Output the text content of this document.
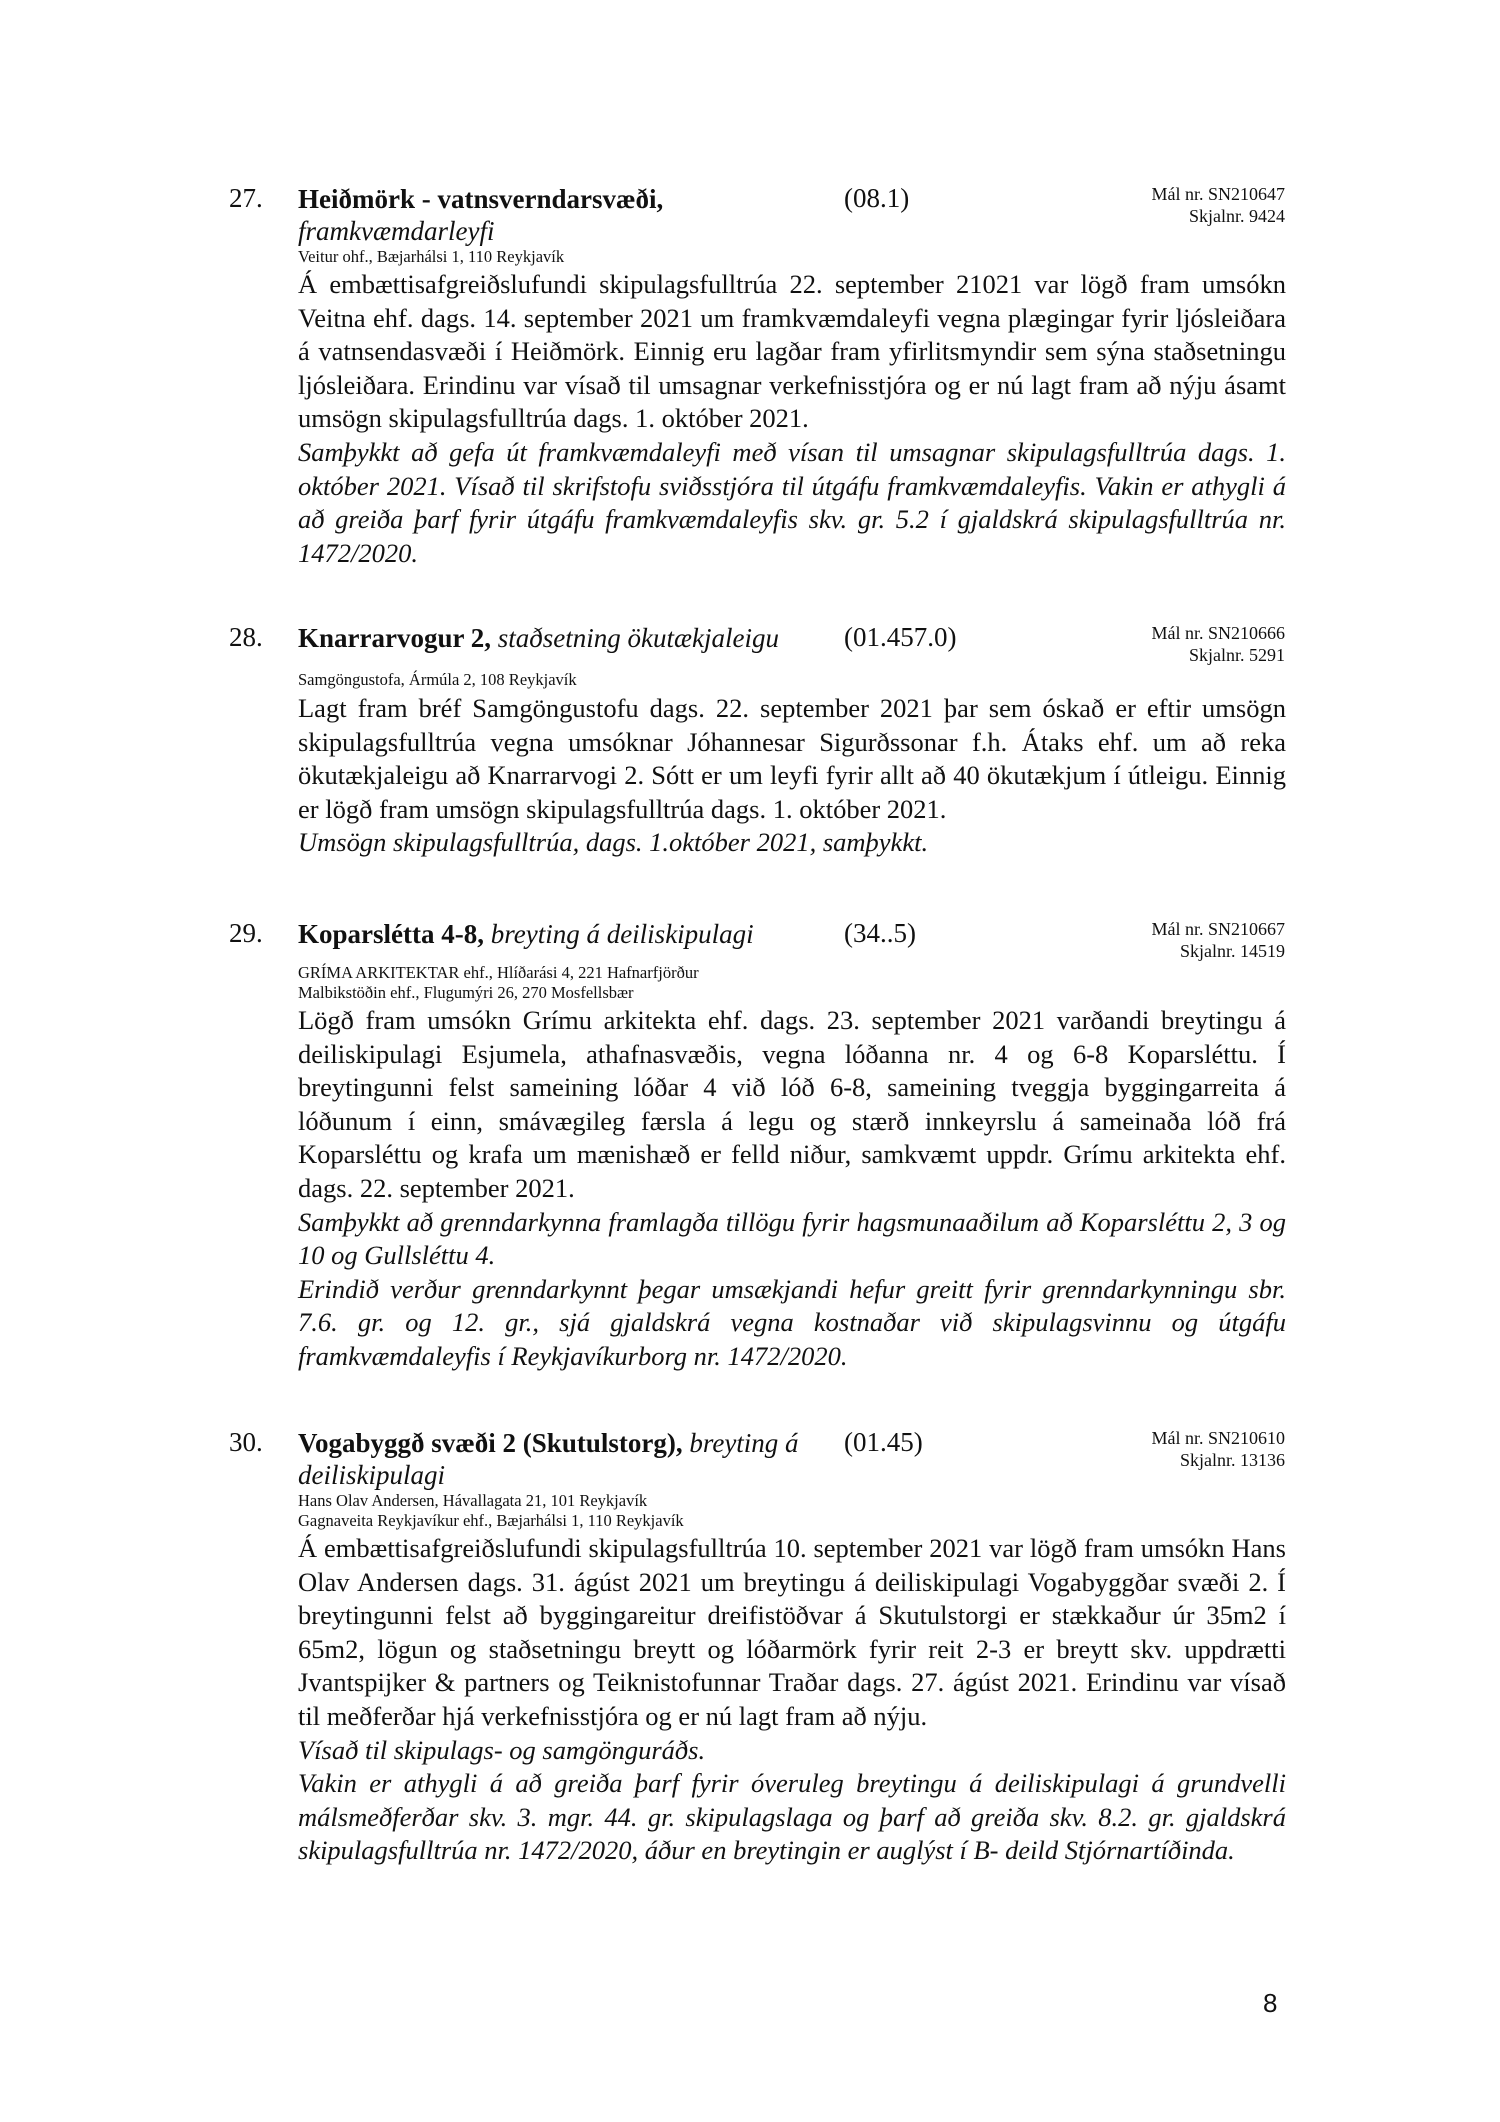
27. Heiðmörk - vatnsverndarsvæði,
framkvæmdarleyfi
(08.1)	Mál nr. SN210647
Skjalnr. 9424
Veitur ohf., Bæjarhálsi 1, 110 Reykjavík

Á embættisafgreiðslufundi skipulagsfulltrúa 22. september 21021 var lögð fram umsókn Veitna ehf. dags. 14. september 2021 um framkvæmdaleyfi vegna plægingar fyrir ljósleiðara á vatnsendasvæði í Heiðmörk. Einnig eru lagðar fram yfirlitsmyndir sem sýna staðsetningu ljósleiðara. Erindinu var vísað til umsagnar verkefnisstjóra og er nú lagt fram að nýju ásamt umsögn skipulagsfulltrúa dags. 1. október 2021.

Samþykkt að gefa út framkvæmdaleyfi með vísan til umsagnar skipulagsfulltrúa dags. 1. október 2021. Vísað til skrifstofu sviðsstjóra til útgáfu framkvæmdaleyfis. Vakin er athygli á að greiða þarf fyrir útgáfu framkvæmdaleyfis skv. gr. 5.2 í gjaldskrá skipulagsfulltrúa nr. 1472/2020.

28. Knarrarvogur 2, staðsetning ökutækjaleigu	(01.457.0)	Mál nr. SN210666
Skjalnr. 5291
Samgöngustofa, Ármúla 2, 108 Reykjavík

Lagt fram bréf Samgöngustofu dags. 22. september 2021 þar sem óskað er eftir umsögn skipulagsfulltrúa vegna umsóknar Jóhannesar Sigurðssonar f.h. Átaks ehf. um að reka ökutækjaleigu að Knarrarvogi 2. Sótt er um leyfi fyrir allt að 40 ökutækjum í útleigu. Einnig er lögð fram umsögn skipulagsfulltrúa dags. 1. október 2021.

Umsögn skipulagsfulltrúa, dags. 1.október 2021, samþykkt.

29. Koparslétta 4-8, breyting á deiliskipulagi	(34..5)	Mál nr. SN210667
Skjalnr. 14519
GRÍMA ARKITEKTAR ehf., Hlíðarási 4, 221 Hafnarfjörður
Malbikstöðin ehf., Flugumýri 26, 270 Mosfellsbær

Lögð fram umsókn Grímu arkitekta ehf. dags. 23. september 2021 varðandi breytingu á deiliskipulagi Esjumela, athafnasvæðis, vegna lóðanna nr. 4 og 6-8 Koparsléttu. Í breytingunni felst sameining lóðar 4 við lóð 6-8, sameining tveggja byggingarreita á lóðunum í einn, smávægileg færsla á legu og stærð innkeyrslu á sameinaða lóð frá Koparsléttu og krafa um mænishæð er felld niður, samkvæmt uppdr. Grímu arkitekta ehf. dags. 22. september 2021.

Samþykkt að grenndarkynna framlagða tillögu fyrir hagsmunaaðilum að Koparsléttu 2, 3 og 10 og Gullsléttu 4.

Erindið verður grenndarkynnt þegar umsækjandi hefur greitt fyrir grenndarkynningu sbr. 7.6. gr. og 12. gr., sjá gjaldskrá vegna kostnaðar við skipulagsvinnu og útgáfu framkvæmdaleyfis í Reykjavíkurborg nr. 1472/2020.

30. Vogabyggð svæði 2 (Skutulstorg), breyting á deiliskipulagi
(01.45)	Mál nr. SN210610
Skjalnr. 13136
Hans Olav Andersen, Hávallagata 21, 101 Reykjavík
Gagnaveita Reykjavíkur ehf., Bæjarhálsi 1, 110 Reykjavík

Á embættisafgreiðslufundi skipulagsfulltrúa 10. september 2021 var lögð fram umsókn Hans Olav Andersen dags. 31. ágúst 2021 um breytingu á deiliskipulagi Vogabyggðar svæði 2. Í breytingunni felst að byggingareitur dreifistöðvar á Skutulstorgi er stækkaður úr 35m2 í 65m2, lögun og staðsetningu breytt og lóðarmörk fyrir reit 2-3 er breytt skv. uppdrætti Jvantspijker & partners og Teiknistofunnar Traðar dags. 27. ágúst 2021. Erindinu var vísað til meðferðar hjá verkefnisstjóra og er nú lagt fram að nýju.

Vísað til skipulags- og samgönguráðs.

Vakin er athygli á að greiða þarf fyrir óveruleg breytingu á deiliskipulagi á grundvelli málsmeðferðar skv. 3. mgr. 44. gr. skipulagslaga og þarf að greiða skv. 8.2. gr. gjaldskrá skipulagsfulltrúa nr. 1472/2020, áður en breytingin er auglýst í B- deild Stjórnartíðinda.

8
